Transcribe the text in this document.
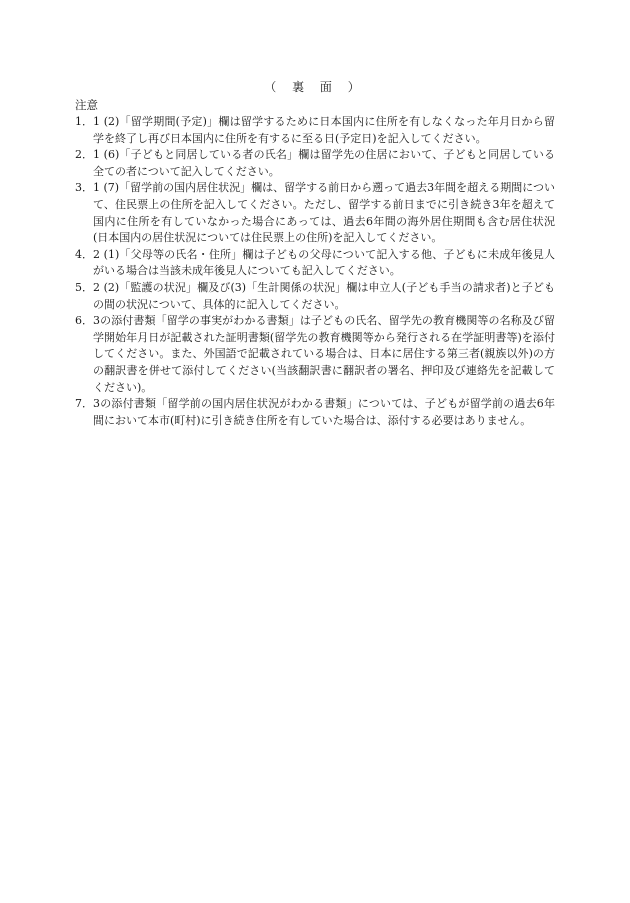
（ 裏 面 ）
注意
1． 1 (2)「留学期間(予定)」欄は留学するために日本国内に住所を有しなくなった年月日から留学を終了し再び日本国内に住所を有するに至る日(予定日)を記入してください。
2． 1 (6)「子どもと同居している者の氏名」欄は留学先の住居において、子どもと同居している全ての者について記入してください。
3． 1 (7)「留学前の国内居住状況」欄は、留学する前日から遡って過去3年間を超える期間について、住民票上の住所を記入してください。ただし、留学する前日までに引き続き3年を超えて国内に住所を有していなかった場合にあっては、過去6年間の海外居住期間も含む居住状況(日本国内の居住状況については住民票上の住所)を記入してください。
4． 2 (1)「父母等の氏名・住所」欄は子どもの父母について記入する他、子どもに未成年後見人がいる場合は当該未成年後見人についても記入してください。
5． 2 (2)「監護の状況」欄及び(3)「生計関係の状況」欄は申立人(子ども手当の請求者)と子どもの間の状況について、具体的に記入してください。
6． 3の添付書類「留学の事実がわかる書類」は子どもの氏名、留学先の教育機関等の名称及び留学開始年月日が記載された証明書類(留学先の教育機関等から発行される在学証明書等)を添付してください。また、外国語で記載されている場合は、日本に居住する第三者(親族以外)の方の翻訳書を併せて添付してください(当該翻訳書に翻訳者の署名、押印及び連絡先を記載してください)。
7． 3の添付書類「留学前の国内居住状況がわかる書類」については、子どもが留学前の過去6年間において本市(町村)に引き続き住所を有していた場合は、添付する必要はありません。
